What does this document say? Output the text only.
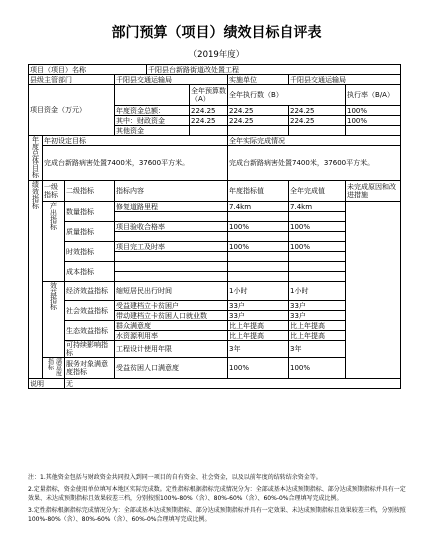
部门预算（项目）绩效目标自评表
（2019年度）
项目（项目）名称				千阳县台新路街道改处置工程				
县级主管部门			千阳县交通运输局			实施单位	千阳县交通运输局	
项目资金（万元）					全年预算数（A）	全年执行数（B）		执行率（B/A）
			年度资金总额：		224.25	224.25	224.25	100%
			其中：财政资金		224.25	224.25	224.25	100%
			其他资金					
年度总体目标	年初设定目标					全年实际完成情况		
	完成台新路病害处置7400米，37600平方米。					完成台新路病害处置7400米，37600平方米。		
绩效指标	一级指标	二级指标	指标内容			年度指标值	全年完成值	未完成原因和改进措施
	产出指标	数量指标	修复道路里程			7.4km	7.4km	

		质量指标	项目验收合格率			100%	100%	

		时效指标	项目完工及时率			100%	100%	

		成本指标						

	效益指标	经济效益指标	缩短居民出行时间			1小时	1小时	
		社会效益指标	受益建档立卡贫困户			33户	33户	
			带动建档立卡贫困人口就业数			33户	33户	
		生态效益指标	群众满意度			比上年提高	比上年提高	
			水资源利用率			比上年提高	比上年提高	
		可持续影响指标	工程设计使用年限			3年	3年	
	满意度指标	服务对象满意度指标	受益贫困人口满意度			100%	100%	
说明		无						

注：1.其他资金包括与财政资金共同投入到同一项目的自有资金、社会资金，以及以前年度的结转结余资金等。

2.定量指标，资金使用单位填写本地区实际完成数。定性指标根据指标完成情况分为：全部或基本达成预期指标、部分达成预期指标并具有一定效果、未达成预期指标且效果较差三档，分别按照100%-80%（含）、80%-60%（含）、60%-0%合理填写完成比例。

3.定性指标根据指标完成情况分为：全部或基本达成预期指标、部分达成预期指标并具有一定效果、未达成预期指标且效果较差三档，分别按照100%-80%（含）、80%-60%（含）、60%-0%合理填写完成比例。
